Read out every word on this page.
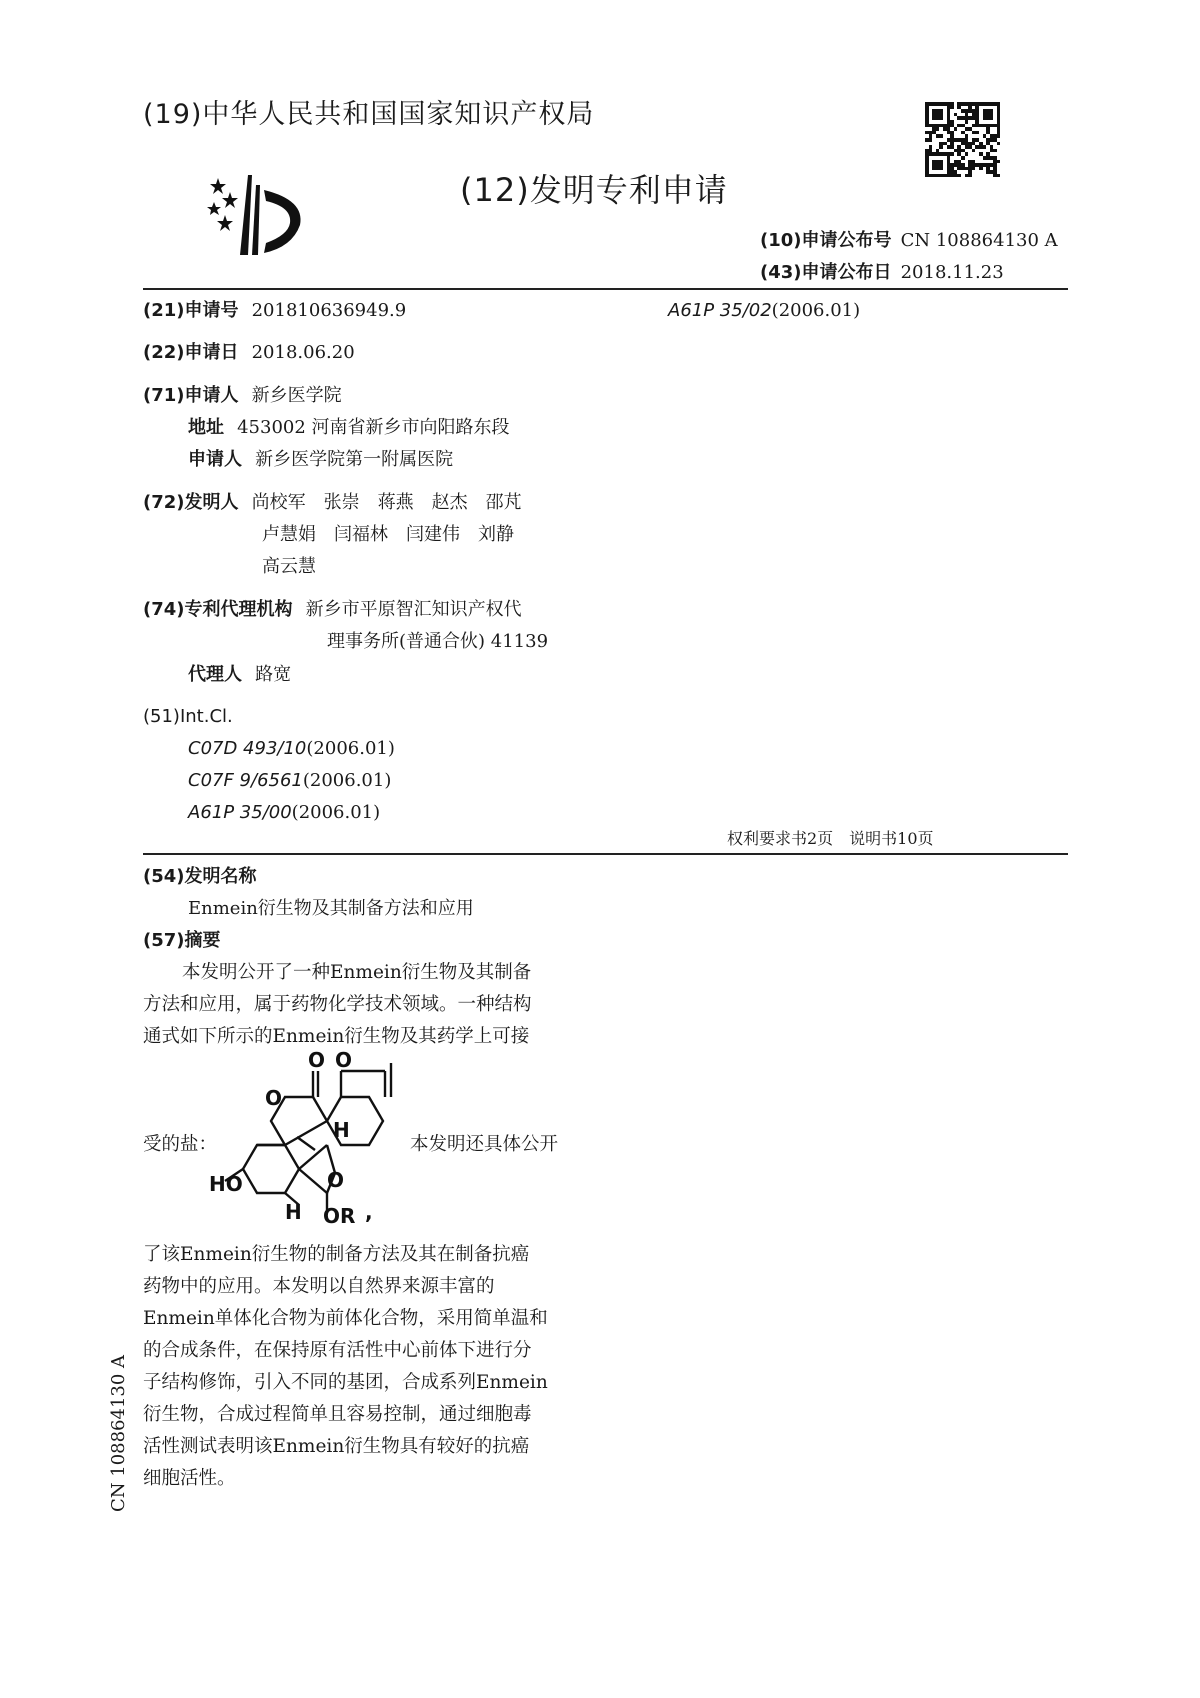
(19)中华人民共和国国家知识产权局
(12)发明专利申请
(10)申请公布号 CN 108864130 A
(43)申请公布日 2018.11.23
(21)申请号 201810636949.9	A61P 35/02(2006.01)
(22)申请日 2018.06.20
(71)申请人 新乡医学院
地址 453002 河南省新乡市向阳路东段
申请人 新乡医学院第一附属医院
(72)发明人 尚校军　张崇　蒋燕　赵杰　邵芃
卢慧娟　闫福林　闫建伟　刘静
高云慧
(74)专利代理机构 新乡市平原智汇知识产权代
理事务所(普通合伙) 41139
代理人 路宽
(51)Int.Cl.
C07D 493/10(2006.01)
C07F 9/6561(2006.01)
A61P 35/00(2006.01)
权利要求书2页　说明书10页
(54)发明名称
Enmein衍生物及其制备方法和应用
(57)摘要
本发明公开了一种Enmein衍生物及其制备
方法和应用，属于药物化学技术领域。一种结构
通式如下所示的Enmein衍生物及其药学上可接
受的盐：	本发明还具体公开
O O
O
O
H
H
HO
OR ,
了该Enmein衍生物的制备方法及其在制备抗癌
药物中的应用。本发明以自然界来源丰富的
Enmein单体化合物为前体化合物，采用简单温和
的合成条件，在保持原有活性中心前体下进行分
子结构修饰，引入不同的基团，合成系列Enmein
衍生物，合成过程简单且容易控制，通过细胞毒
活性测试表明该Enmein衍生物具有较好的抗癌
细胞活性。
CN 108864130 A
